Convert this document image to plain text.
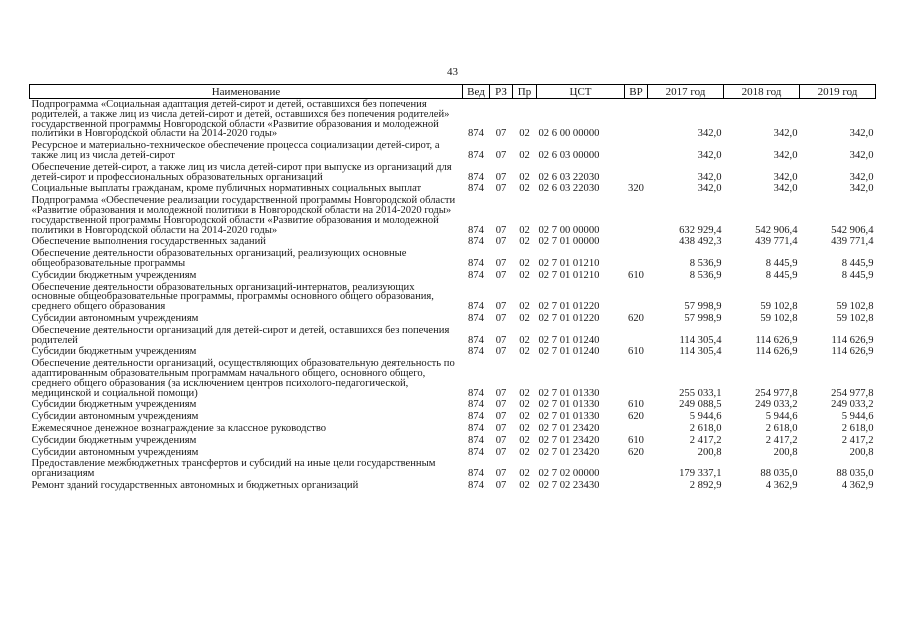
43
Наименование	Вед	РЗ	Пр	ЦСТ	ВР	2017 год	2018 год	2019 год
Подпрограмма «Социальная адаптация детей-сирот и детей, оставшихся без попечения родителей, а также лиц из числа детей-сирот и детей, оставшихся без попечения родителей» государственной программы Новгородской области «Развитие образования и молодежной политики в Новгородской области на 2014-2020 годы»	874	07	02	02 6 00 00000		342,0	342,0	342,0
Ресурсное и материально-техническое обеспечение процесса социализации детей-сирот, а также лиц из числа детей-сирот	874	07	02	02 6 03 00000		342,0	342,0	342,0
Обеспечение детей-сирот, а также лиц из числа детей-сирот при выпуске из организаций для детей-сирот и профессиональных образовательных организаций	874	07	02	02 6 03 22030		342,0	342,0	342,0
Социальные выплаты гражданам, кроме публичных нормативных социальных выплат	874	07	02	02 6 03 22030	320	342,0	342,0	342,0
Подпрограмма «Обеспечение реализации государственной программы Новгородской области «Развитие образования и молодежной политики в Новгородской области на 2014-2020 годы» государственной программы Новгородской области «Развитие образования и молодежной политики в Новгородской области на 2014-2020 годы»	874	07	02	02 7 00 00000		632 929,4	542 906,4	542 906,4
Обеспечение выполнения государственных заданий	874	07	02	02 7 01 00000		438 492,3	439 771,4	439 771,4
Обеспечение деятельности образовательных организаций, реализующих основные общеобразовательные программы	874	07	02	02 7 01 01210		8 536,9	8 445,9	8 445,9
Субсидии бюджетным учреждениям	874	07	02	02 7 01 01210	610	8 536,9	8 445,9	8 445,9
Обеспечение деятельности образовательных организаций-интернатов, реализующих основные общеобразовательные программы, программы основного общего образования, среднего общего образования	874	07	02	02 7 01 01220		57 998,9	59 102,8	59 102,8
Субсидии автономным учреждениям	874	07	02	02 7 01 01220	620	57 998,9	59 102,8	59 102,8
Обеспечение деятельности организаций для детей-сирот и детей, оставшихся без попечения родителей	874	07	02	02 7 01 01240		114 305,4	114 626,9	114 626,9
Субсидии бюджетным учреждениям	874	07	02	02 7 01 01240	610	114 305,4	114 626,9	114 626,9
Обеспечение деятельности организаций, осуществляющих образовательную деятельность по адаптированным образовательным программам начального общего, основного общего, среднего общего образования (за исключением центров психолого-педагогической, медицинской и социальной помощи)	874	07	02	02 7 01 01330		255 033,1	254 977,8	254 977,8
Субсидии бюджетным учреждениям	874	07	02	02 7 01 01330	610	249 088,5	249 033,2	249 033,2
Субсидии автономным учреждениям	874	07	02	02 7 01 01330	620	5 944,6	5 944,6	5 944,6
Ежемесячное денежное вознаграждение за классное руководство	874	07	02	02 7 01 23420		2 618,0	2 618,0	2 618,0
Субсидии бюджетным учреждениям	874	07	02	02 7 01 23420	610	2 417,2	2 417,2	2 417,2
Субсидии автономным учреждениям	874	07	02	02 7 01 23420	620	200,8	200,8	200,8
Предоставление межбюджетных трансфертов и субсидий на иные цели государственным организациям	874	07	02	02 7 02 00000		179 337,1	88 035,0	88 035,0
Ремонт зданий государственных автономных и бюджетных организаций	874	07	02	02 7 02 23430		2 892,9	4 362,9	4 362,9
